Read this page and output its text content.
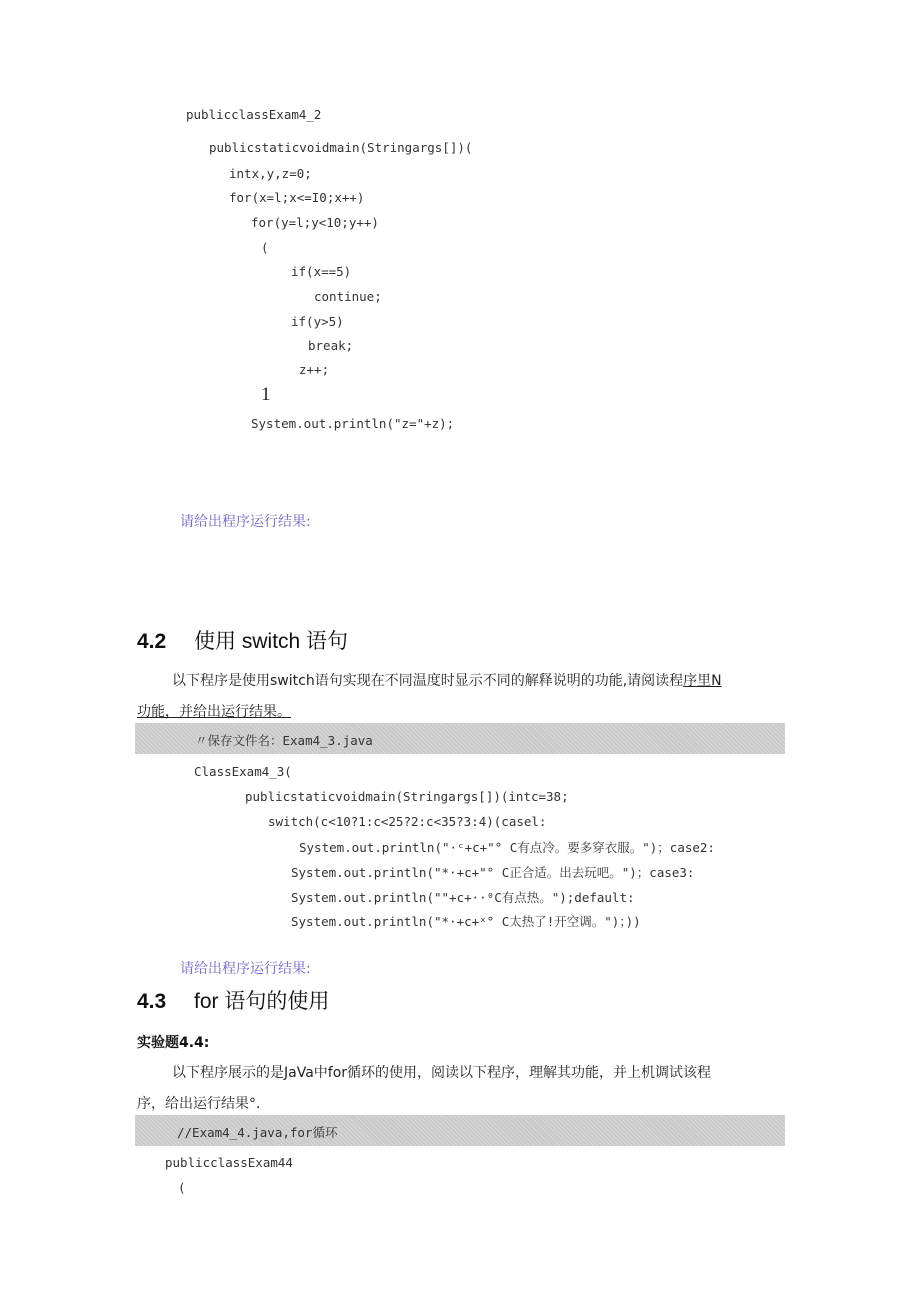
publicclassExam4_2
publicstaticvoidmain(Stringargs[])(
intx,y,z=0;
for(x=l;x<=I0;x++)
for(y=l;y<10;y++)
(
if(x==5)
continue;
if(y>5)
break;
z++;
1
System.out.println("z="+z);
请给出程序运行结果:
4.2 使用 switch 语句
以下程序是使用switch语句实现在不同温度时显示不同的解释说明的功能,请阅读程序里N
功能，并给出运行结果。
〃保存文件名：Exam4_3.java
ClassExam4_3(
publicstaticvoidmain(Stringargs[])(intc=38;
switch(c<10?1:c<25?2:c<35?3:4)(casel:
System.out.println("·ᶜ+c+"° C有点冷。要多穿衣服。")；case2:
System.out.println("*·+c+"° C正合适。出去玩吧。")；case3:
System.out.println(""+c+··⁰C有点热。");default:
System.out.println("*·+c+ˣ° C太热了!开空调。")；))
请给出程序运行结果:
4.3 for 语句的使用
实验题4.4:
以下程序展示的是JaVa中for循环的使用，阅读以下程序，理解其功能，并上机调试该程
序，给出运行结果°．
//Exam4_4.java,for循环
publicclassExam44
(
